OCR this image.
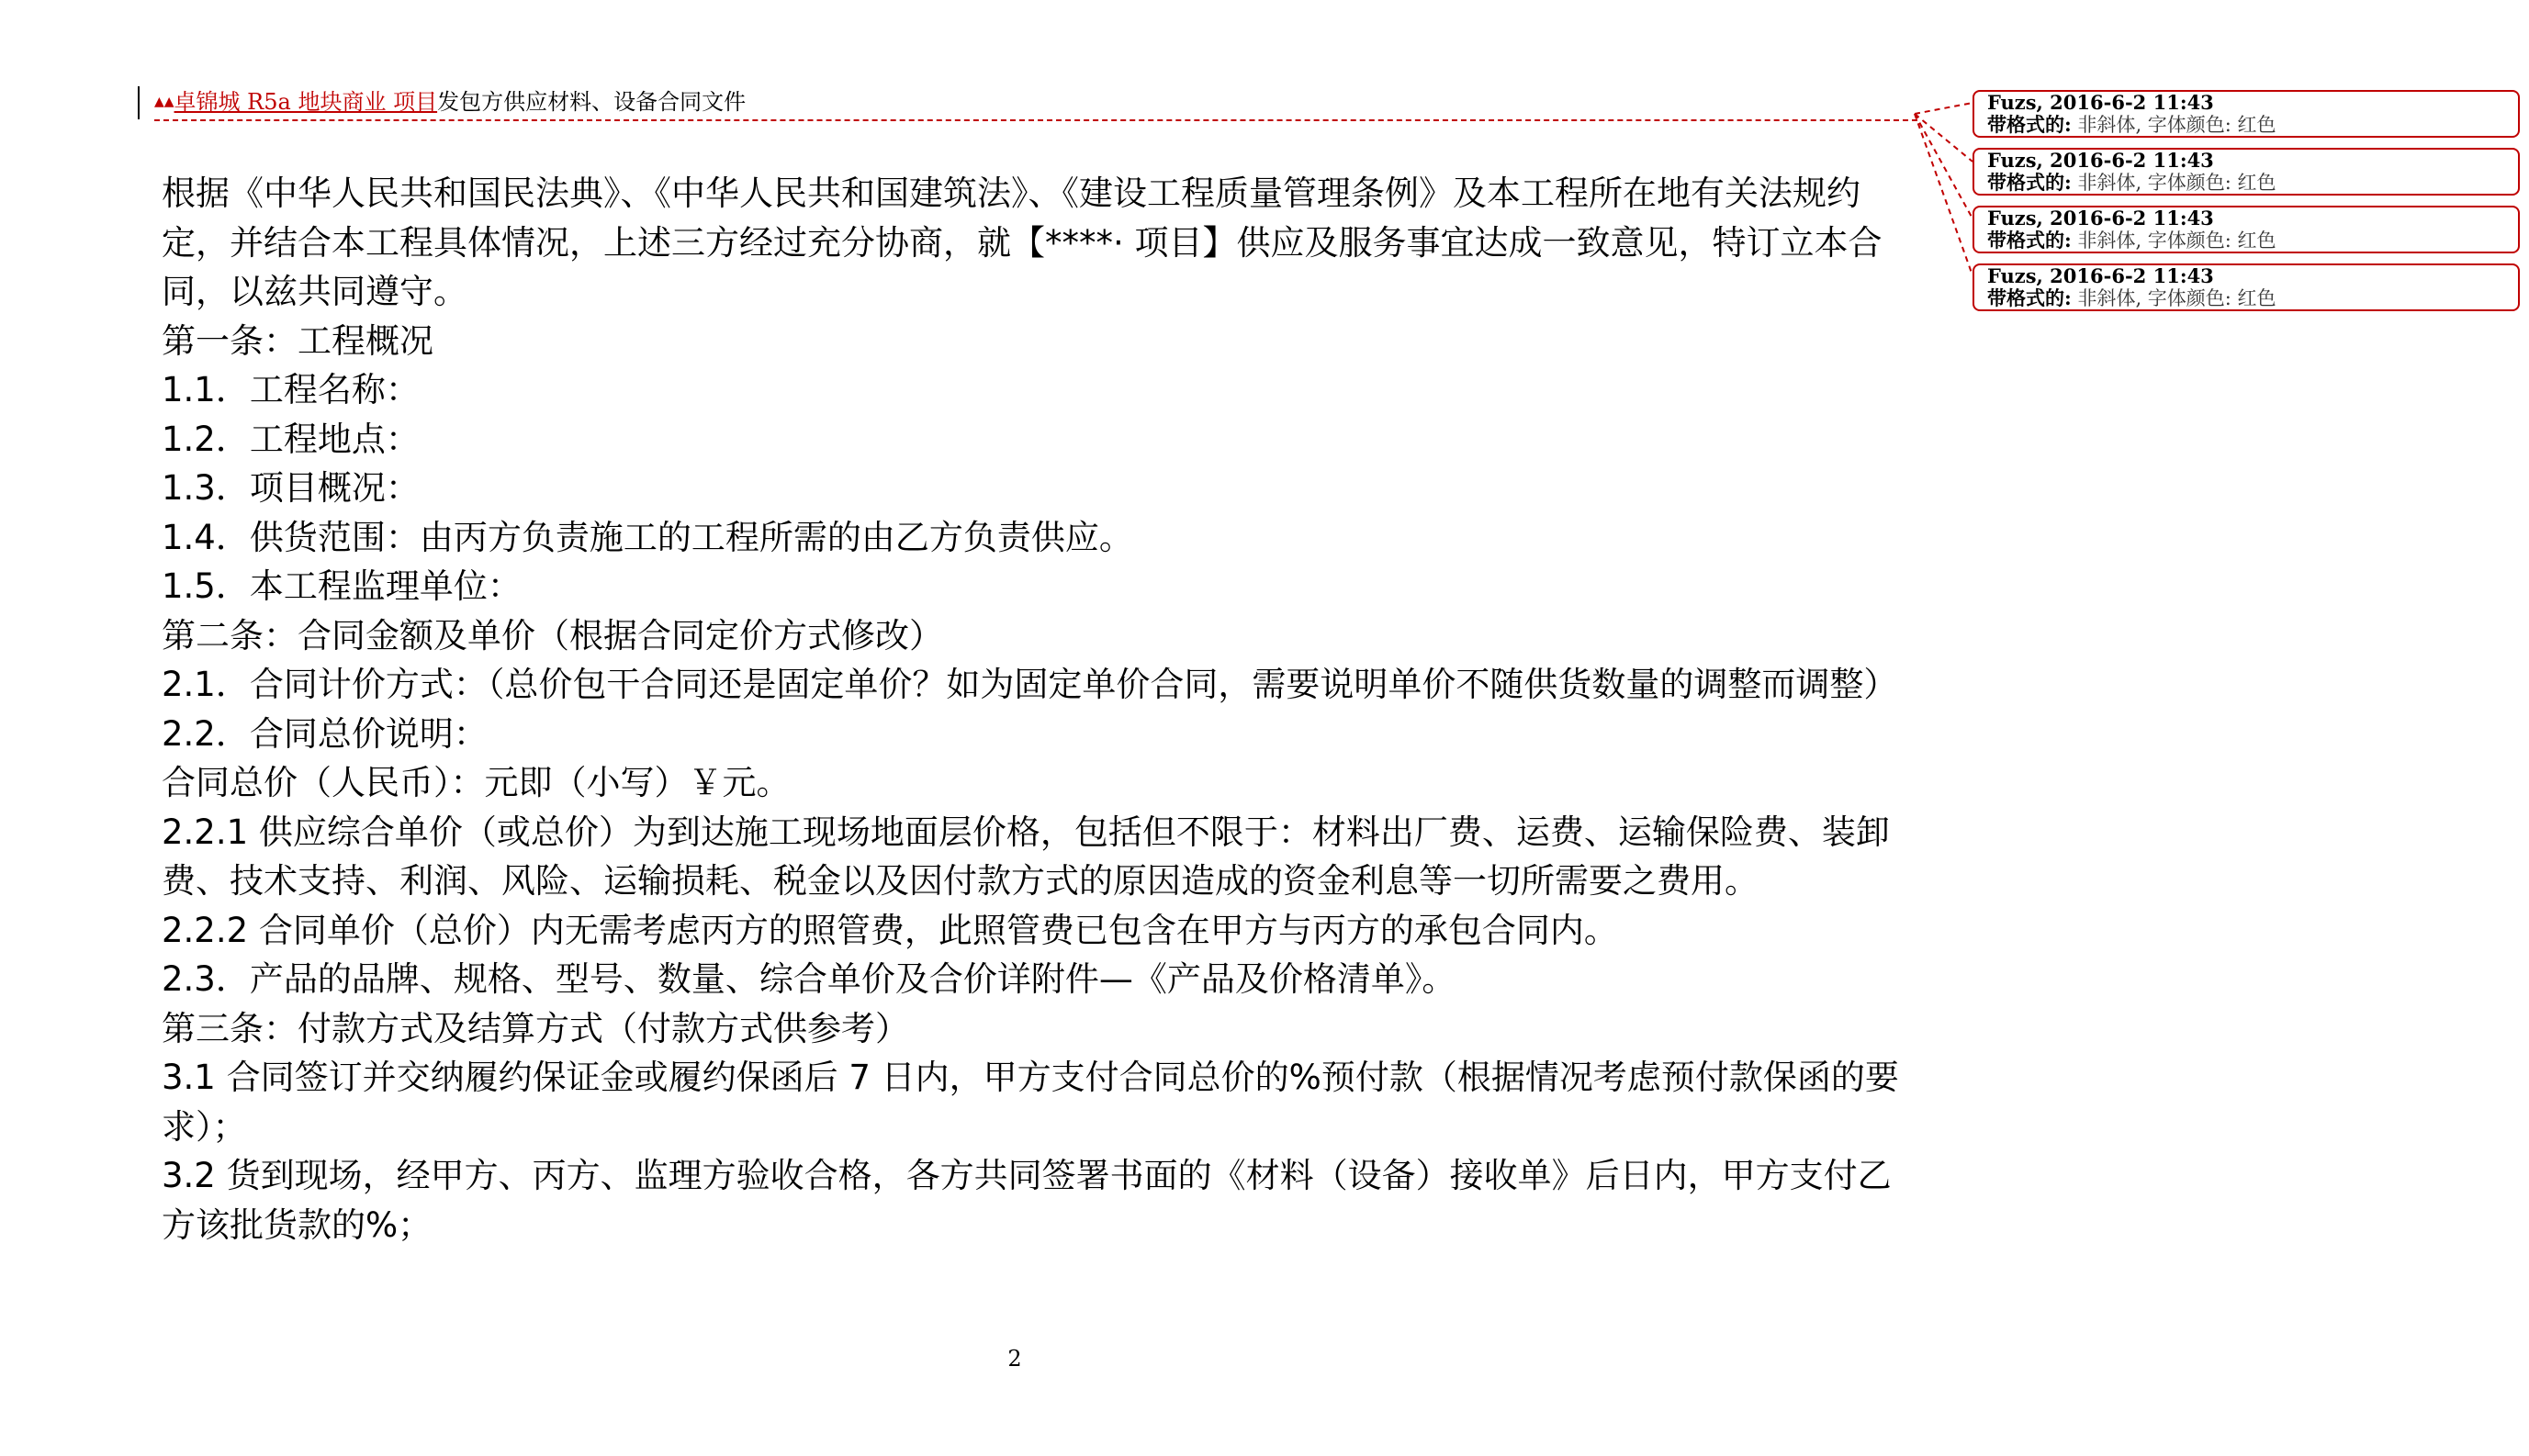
▲▲卓锦城 R5a 地块商业 项目发包方供应材料、设备合同文件

根据《中华人民共和国民法典》、《中华人民共和国建筑法》、《建设工程质量管理条例》及本工程所在地有关法规约定，并结合本工程具体情况，上述三方经过充分协商，就【****· 项目】供应及服务事宜达成一致意见，特订立本合同，以兹共同遵守。

第一条：工程概况

1.1．工程名称：

1.2．工程地点：

1.3．项目概况：

1.4．供货范围：由丙方负责施工的工程所需的由乙方负责供应。

1.5．本工程监理单位：

第二条：合同金额及单价（根据合同定价方式修改）

2.1．合同计价方式：（总价包干合同还是固定单价？如为固定单价合同，需要说明单价不随供货数量的调整而调整）

2.2．合同总价说明：

合同总价（人民币）：元即（小写）￥元。

2.2.1 供应综合单价（或总价）为到达施工现场地面层价格，包括但不限于：材料出厂费、运费、运输保险费、装卸费、技术支持、利润、风险、运输损耗、税金以及因付款方式的原因造成的资金利息等一切所需要之费用。

2.2.2 合同单价（总价）内无需考虑丙方的照管费，此照管费已包含在甲方与丙方的承包合同内。

2.3．产品的品牌、规格、型号、数量、综合单价及合价详附件—《产品及价格清单》。

第三条：付款方式及结算方式（付款方式供参考）

3.1 合同签订并交纳履约保证金或履约保函后 7 日内，甲方支付合同总价的%预付款（根据情况考虑预付款保函的要求）；

3.2 货到现场，经甲方、丙方、监理方验收合格，各方共同签署书面的《材料（设备）接收单》后日内，甲方支付乙方该批货款的%；

2
Fuzs, 2016-6-2 11:43
带格式的: 非斜体, 字体颜色: 红色
Fuzs, 2016-6-2 11:43
带格式的: 非斜体, 字体颜色: 红色
Fuzs, 2016-6-2 11:43
带格式的: 非斜体, 字体颜色: 红色
Fuzs, 2016-6-2 11:43
带格式的: 非斜体, 字体颜色: 红色
